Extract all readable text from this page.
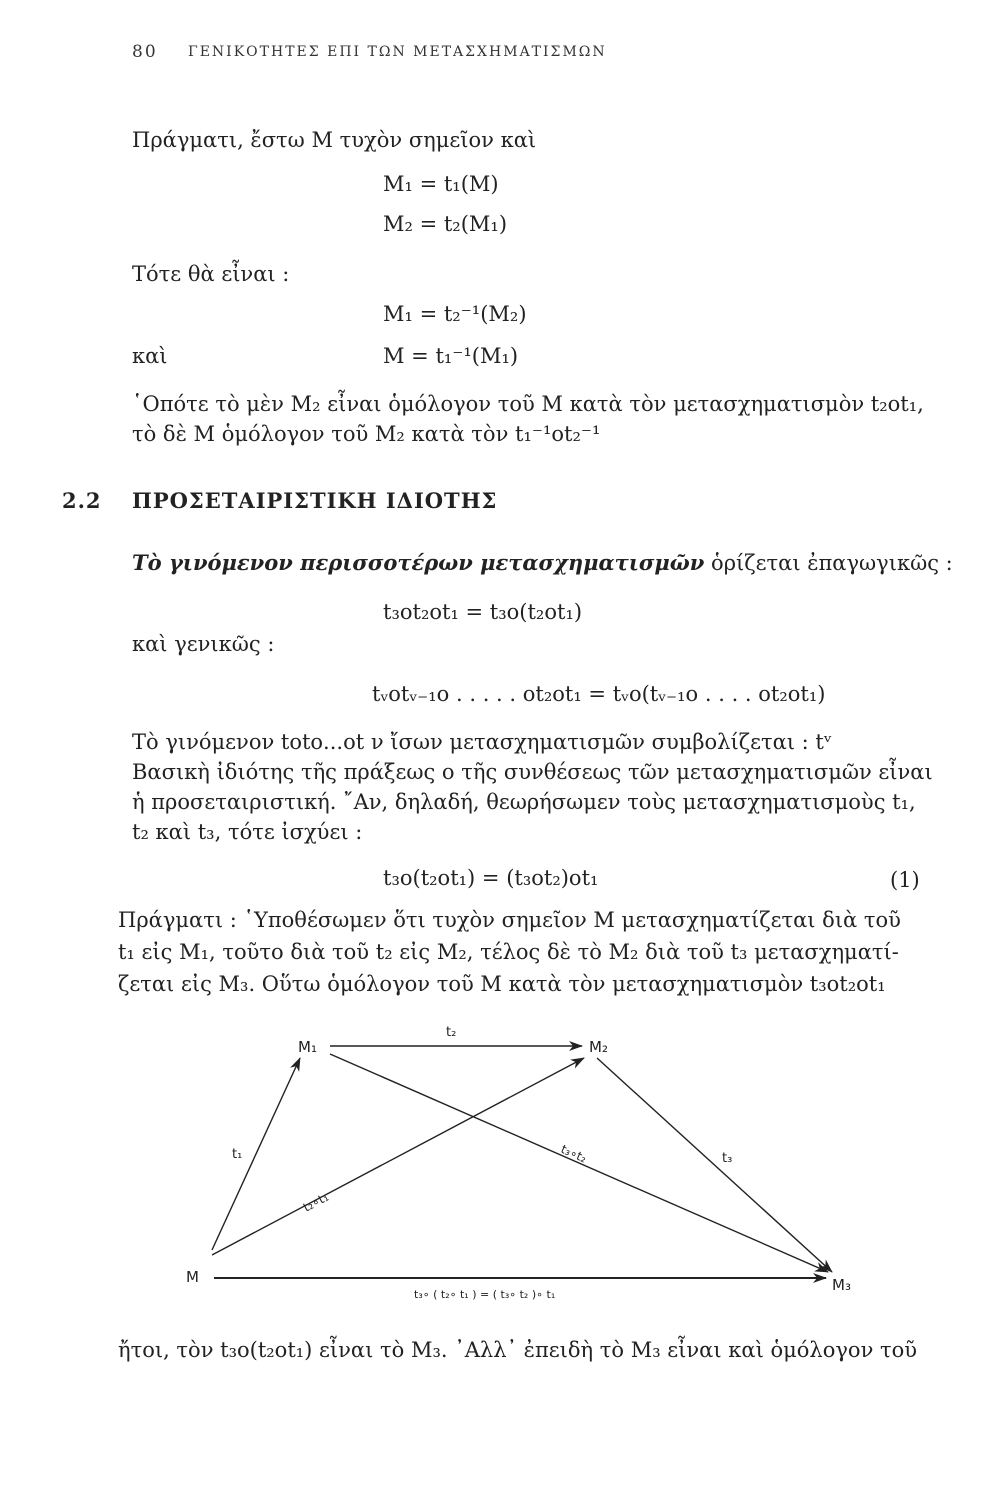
80 ΓΕΝΙΚΟΤΗΤΕΣ ΕΠΙ ΤΩΝ ΜΕΤΑΣΧΗΜΑΤΙΣΜΩΝ
Πράγματι, ἔστω Μ τυχὸν σημεῖον καὶ
M₁ = t₁(M)
M₂ = t₂(M₁)
Τότε θὰ εἶναι :
M₁ = t₂⁻¹(M₂)
καὶ	M = t₁⁻¹(M₁)
῾Οπότε τὸ μὲν M₂ εἶναι ὁμόλογον τοῦ M κατὰ τὸν μετασχηματισμὸν t₂οt₁,
τὸ δὲ M ὁμόλογον τοῦ M₂ κατὰ τὸν t₁⁻¹οt₂⁻¹
2.2 ΠΡΟΣΕΤΑΙΡΙΣΤΙΚΗ ΙΔΙΟΤΗΣ
Τὸ γινόμενον περισσοτέρων μετασχηματισμῶν ὁρίζεται ἐπαγωγικῶς :
t₃οt₂οt₁ = t₃ο(t₂οt₁)
καὶ γενικῶς :
tᵥοtᵥ₋₁ο . . . . . οt₂οt₁ = tᵥο(tᵥ₋₁ο . . . . οt₂οt₁)
Τὸ γινόμενον tοtο...οt ν ἴσων μετασχηματισμῶν συμβολίζεται : tᵛ
Βασικὴ ἰδιότης τῆς πράξεως ο τῆς συνθέσεως τῶν μετασχηματισμῶν εἶναι
ἡ προσεταιριστική. ῎Αν, δηλαδή, θεωρήσωμεν τοὺς μετασχηματισμοὺς t₁,
t₂ καὶ t₃, τότε ἰσχύει :
t₃ο(t₂οt₁) = (t₃οt₂)οt₁	(1)
Πράγματι : ῾Υποθέσωμεν ὅτι τυχὸν σημεῖον M μετασχηματίζεται διὰ τοῦ
t₁ εἰς M₁, τοῦτο διὰ τοῦ t₂ εἰς M₂, τέλος δὲ τὸ M₂ διὰ τοῦ t₃ μετασχηματί-
ζεται εἰς M₃. Οὕτω ὁμόλογον τοῦ M κατὰ τὸν μετασχηματισμὸν t₃οt₂οt₁
M
M₁	M₂
M₃
t₁
t₂
t₃
t₂∘t₁
t₃∘t₂
t₃∘ ( t₂∘ t₁ ) = ( t₃∘ t₂ )∘ t₁
ἤτοι, τὸν t₃ο(t₂οt₁) εἶναι τὸ M₃. ᾿Αλλ᾿ ἐπειδὴ τὸ M₃ εἶναι καὶ ὁμόλογον τοῦ
